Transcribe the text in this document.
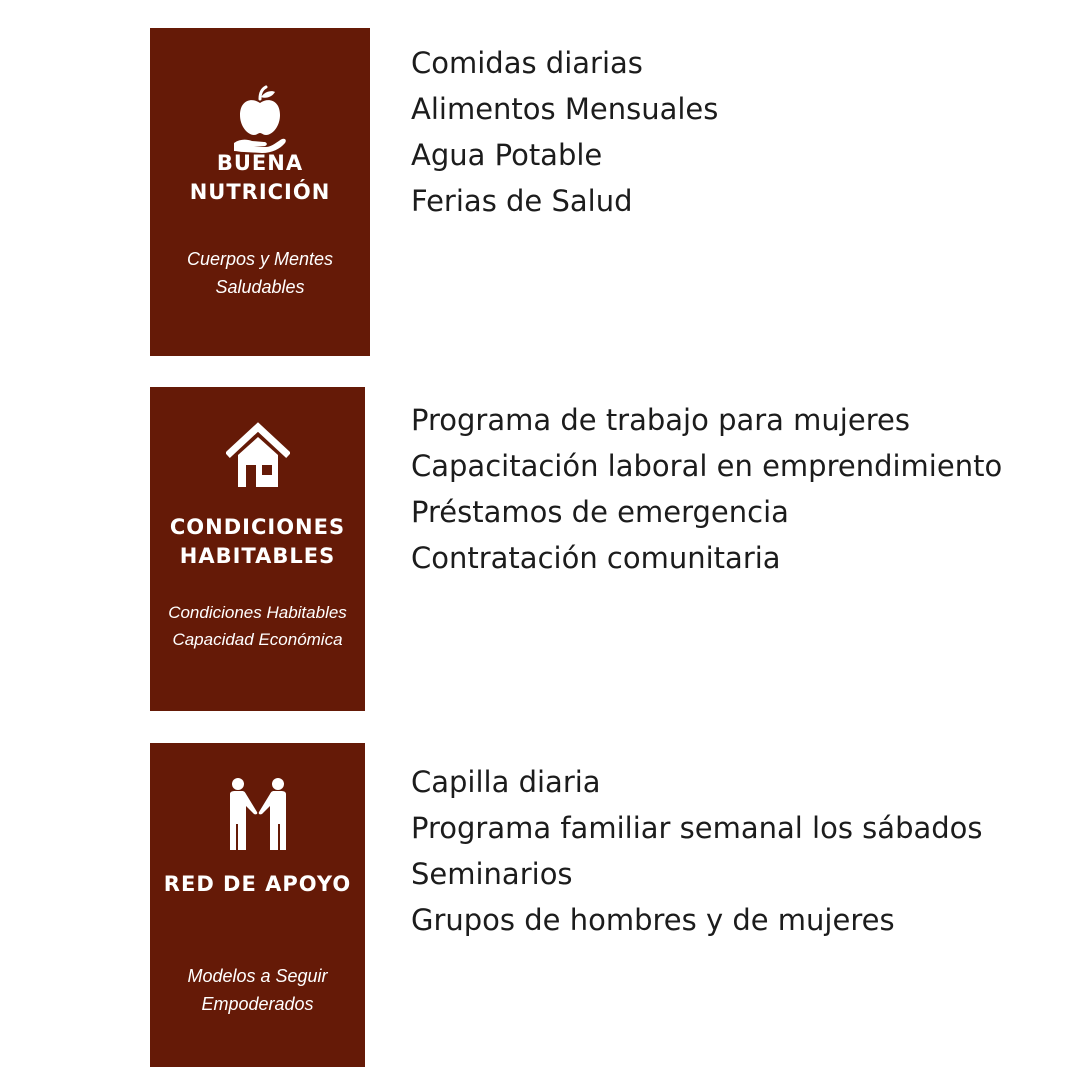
BUENA
NUTRICIÓN
Cuerpos y Mentes
Saludables
Comidas diarias
Alimentos Mensuales
Agua Potable
Ferias de Salud
CONDICIONES
HABITABLES
Condiciones Habitables
Capacidad Económica
Programa de trabajo para mujeres
Capacitación laboral en emprendimiento
Préstamos de emergencia
Contratación comunitaria
RED DE APOYO
Modelos a Seguir
Empoderados
Capilla diaria
Programa familiar semanal los sábados
Seminarios
Grupos de hombres y de mujeres
